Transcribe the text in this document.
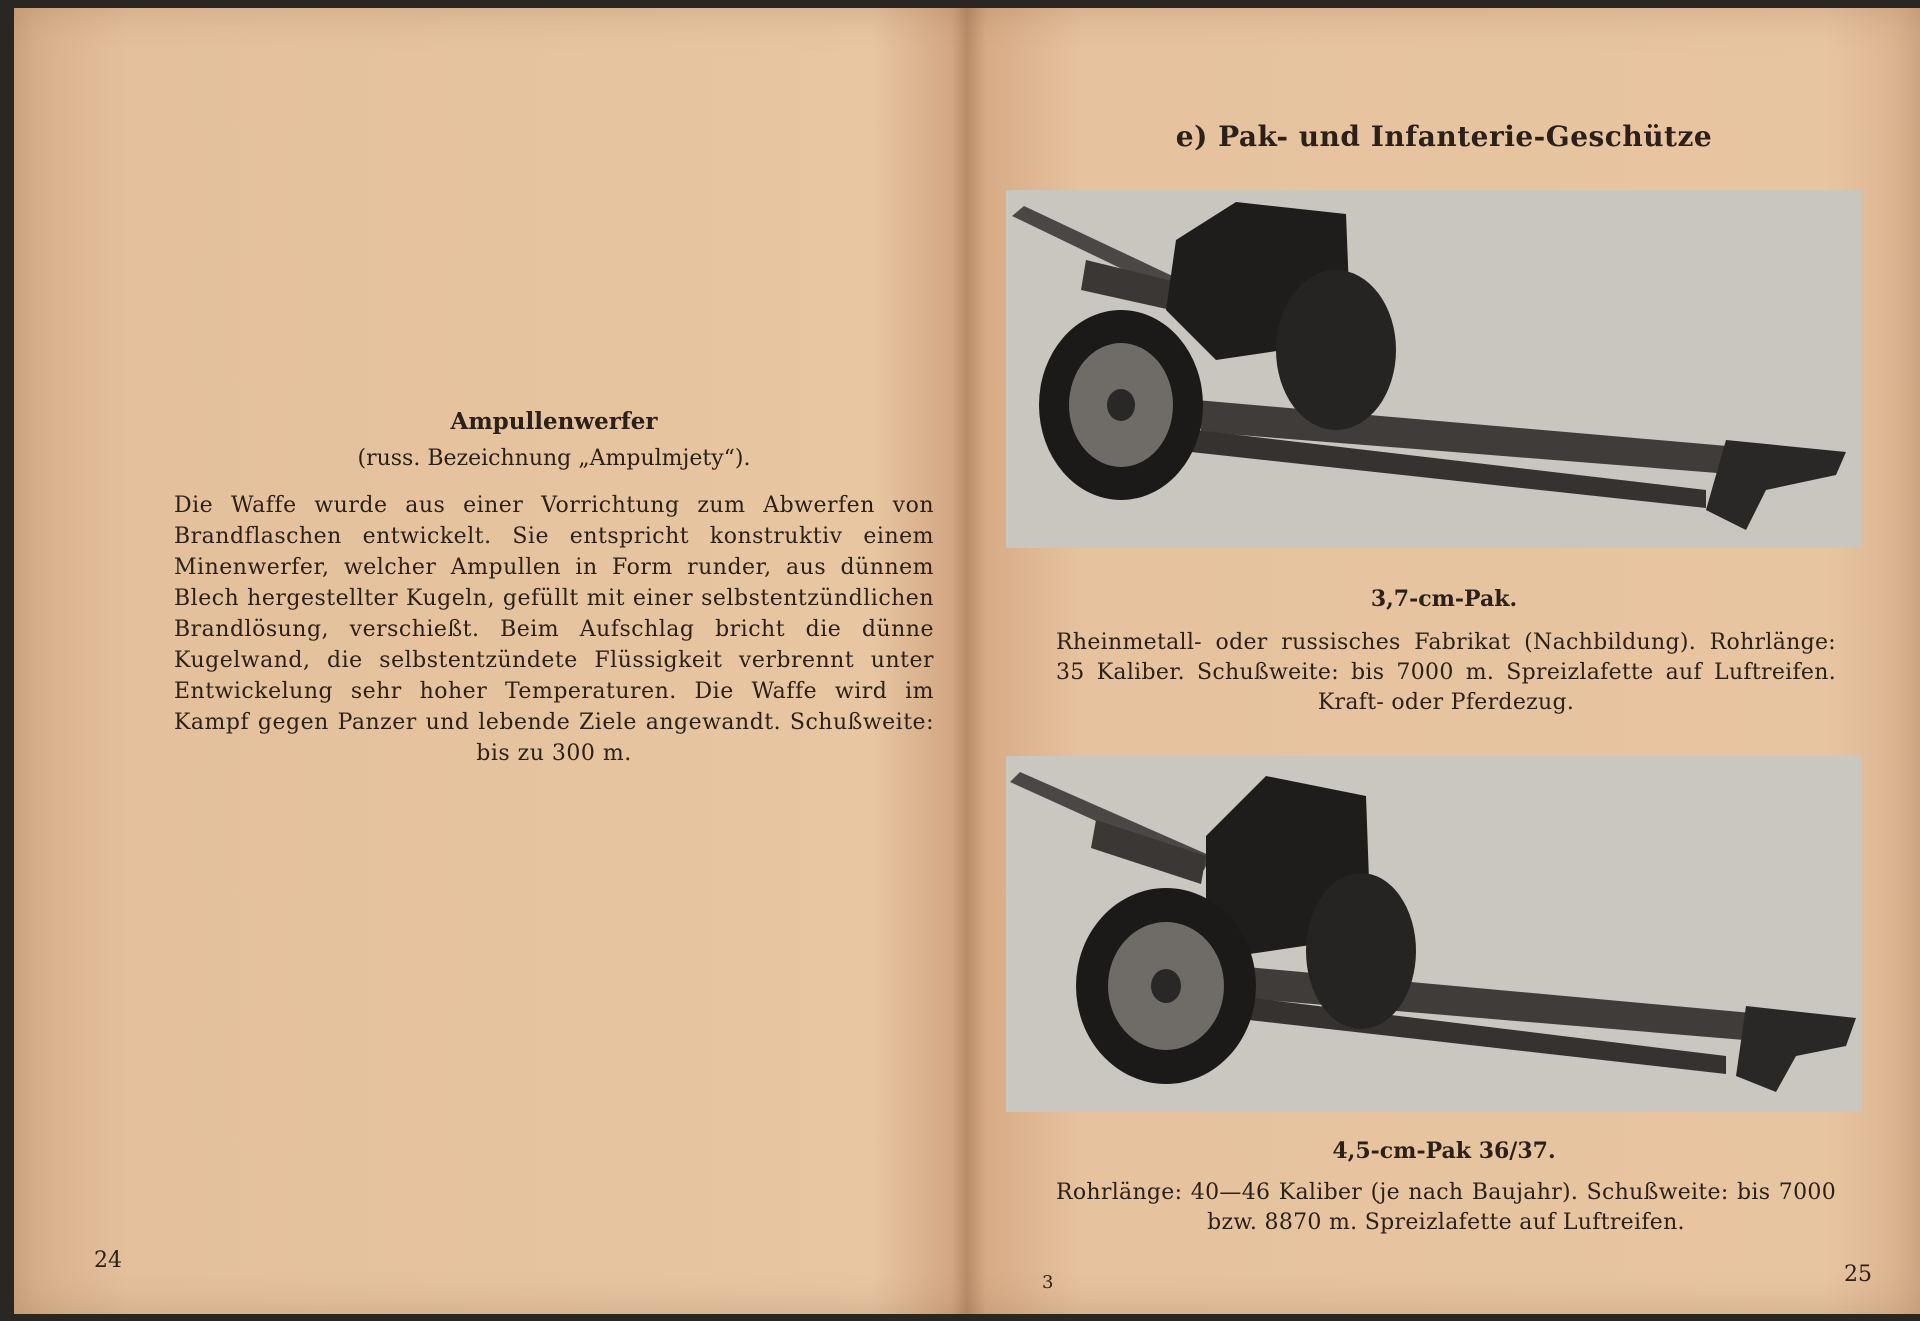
Ampullenwerfer
(russ. Bezeichnung „Ampulmjety“).
Die Waffe wurde aus einer Vorrichtung zum Abwerfen von Brandflaschen entwickelt. Sie entspricht konstruktiv einem Minenwerfer, welcher Ampullen in Form runder, aus dünnem Blech hergestellter Kugeln, gefüllt mit einer selbstentzündlichen Brandlösung, verschießt. Beim Aufschlag bricht die dünne Kugelwand, die selbstentzündete Flüssigkeit verbrennt unter Entwickelung sehr hoher Temperaturen. Die Waffe wird im Kampf gegen Panzer und lebende Ziele angewandt. Schußweite: bis zu 300 m.
24
e) Pak- und Infanterie-Geschütze
3,7-cm-Pak.
Rheinmetall- oder russisches Fabrikat (Nachbildung). Rohrlänge: 35 Kaliber. Schußweite: bis 7000 m. Spreizlafette auf Luftreifen. Kraft- oder Pferdezug.
4,5-cm-Pak 36/37.
Rohrlänge: 40—46 Kaliber (je nach Baujahr). Schußweite: bis 7000 bzw. 8870 m. Spreizlafette auf Luftreifen.
3	25
